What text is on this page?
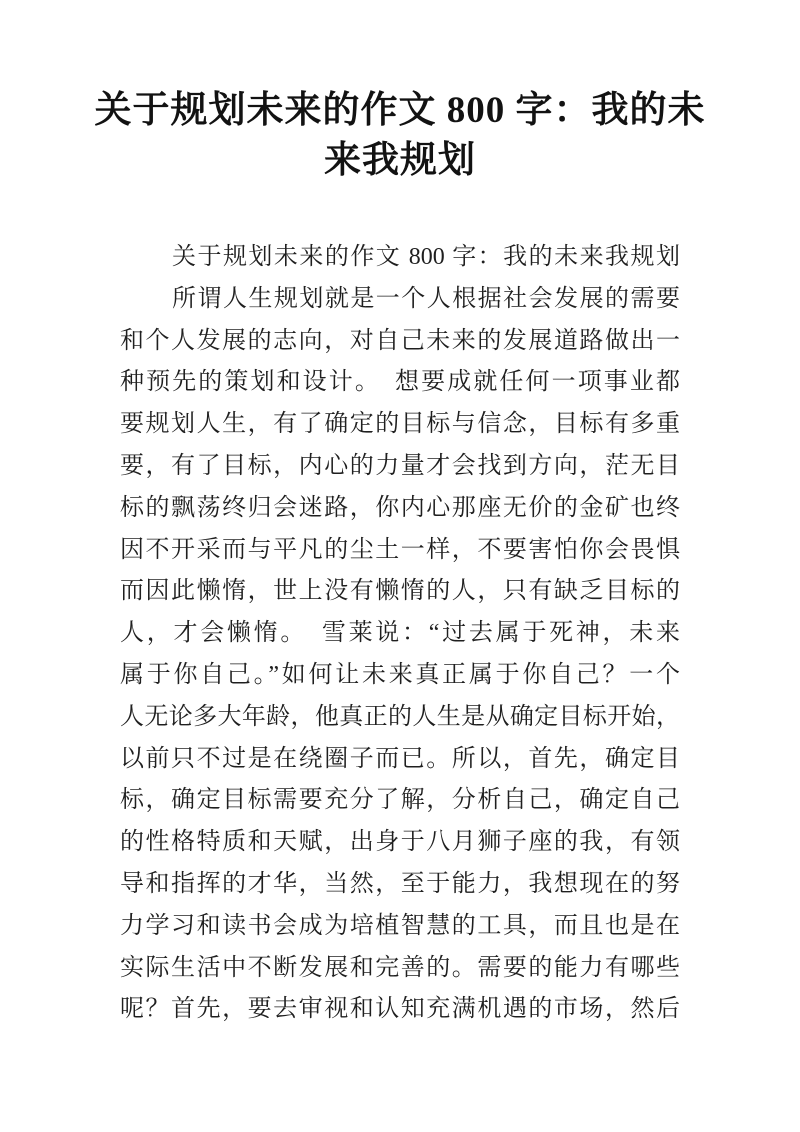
关于规划未来的作文 800 字：我的未
来我规划

关于规划未来的作文 800 字：我的未来我规划

所谓人生规划就是一个人根据社会发展的需要

和个人发展的志向，对自己未来的发展道路做出一

种预先的策划和设计。　想要成就任何一项事业都

要规划人生，有了确定的目标与信念，目标有多重

要，有了目标，内心的力量才会找到方向，茫无目

标的飘荡终归会迷路，你内心那座无价的金矿也终

因不开采而与平凡的尘土一样，不要害怕你会畏惧

而因此懒惰，世上没有懒惰的人，只有缺乏目标的

人，才会懒惰。　雪莱说：“过去属于死神，未来

属于你自己。”如何让未来真正属于你自己？一个

人无论多大年龄，他真正的人生是从确定目标开始，

以前只不过是在绕圈子而已。所以，首先，确定目

标，确定目标需要充分了解，分析自己，确定自己

的性格特质和天赋，出身于八月狮子座的我，有领

导和指挥的才华，当然，至于能力，我想现在的努

力学习和读书会成为培植智慧的工具，而且也是在

实际生活中不断发展和完善的。需要的能力有哪些

呢？首先，要去审视和认知充满机遇的市场，然后
